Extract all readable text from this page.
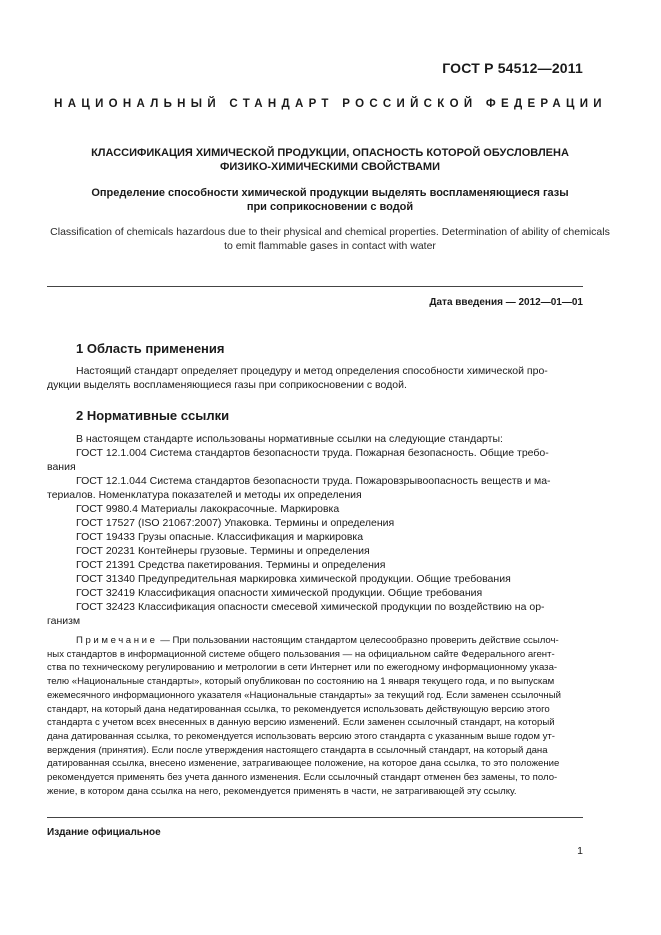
ГОСТ Р 54512—2011
НАЦИОНАЛЬНЫЙ СТАНДАРТ РОССИЙСКОЙ ФЕДЕРАЦИИ
КЛАССИФИКАЦИЯ ХИМИЧЕСКОЙ ПРОДУКЦИИ, ОПАСНОСТЬ КОТОРОЙ ОБУСЛОВЛЕНА
ФИЗИКО-ХИМИЧЕСКИМИ СВОЙСТВАМИ
Определение способности химической продукции выделять воспламеняющиеся газы
при соприкосновении с водой
Classification of chemicals hazardous due to their physical and chemical properties. Determination of ability of chemicals
to emit flammable gases in contact with water
Дата введения — 2012—01—01
1 Область применения
Настоящий стандарт определяет процедуру и метод определения способности химической про-
дукции выделять воспламеняющиеся газы при соприкосновении с водой.
2 Нормативные ссылки
В настоящем стандарте использованы нормативные ссылки на следующие стандарты:
ГОСТ 12.1.004 Система стандартов безопасности труда. Пожарная безопасность. Общие требо-
вания
ГОСТ 12.1.044 Система стандартов безопасности труда. Пожаровзрывоопасность веществ и ма-
териалов. Номенклатура показателей и методы их определения
ГОСТ 9980.4 Материалы лакокрасочные. Маркировка
ГОСТ 17527 (ISO 21067:2007) Упаковка. Термины и определения
ГОСТ 19433 Грузы опасные. Классификация и маркировка
ГОСТ 20231 Контейнеры грузовые. Термины и определения
ГОСТ 21391 Средства пакетирования. Термины и определения
ГОСТ 31340 Предупредительная маркировка химической продукции. Общие требования
ГОСТ 32419 Классификация опасности химической продукции. Общие требования
ГОСТ 32423 Классификация опасности смесевой химической продукции по воздействию на ор-
ганизм
Примечание — При пользовании настоящим стандартом целесообразно проверить действие ссылоч-
ных стандартов в информационной системе общего пользования — на официальном сайте Федерального агент-
ства по техническому регулированию и метрологии в сети Интернет или по ежегодному информационному указа-
телю «Национальные стандарты», который опубликован по состоянию на 1 января текущего года, и по выпускам
ежемесячного информационного указателя «Национальные стандарты» за текущий год. Если заменен ссылочный
стандарт, на который дана недатированная ссылка, то рекомендуется использовать действующую версию этого
стандарта с учетом всех внесенных в данную версию изменений. Если заменен ссылочный стандарт, на который
дана датированная ссылка, то рекомендуется использовать версию этого стандарта с указанным выше годом ут-
верждения (принятия). Если после утверждения настоящего стандарта в ссылочный стандарт, на который дана
датированная ссылка, внесено изменение, затрагивающее положение, на которое дана ссылка, то это положение
рекомендуется применять без учета данного изменения. Если ссылочный стандарт отменен без замены, то поло-
жение, в котором дана ссылка на него, рекомендуется применять в части, не затрагивающей эту ссылку.
Издание официальное
1
